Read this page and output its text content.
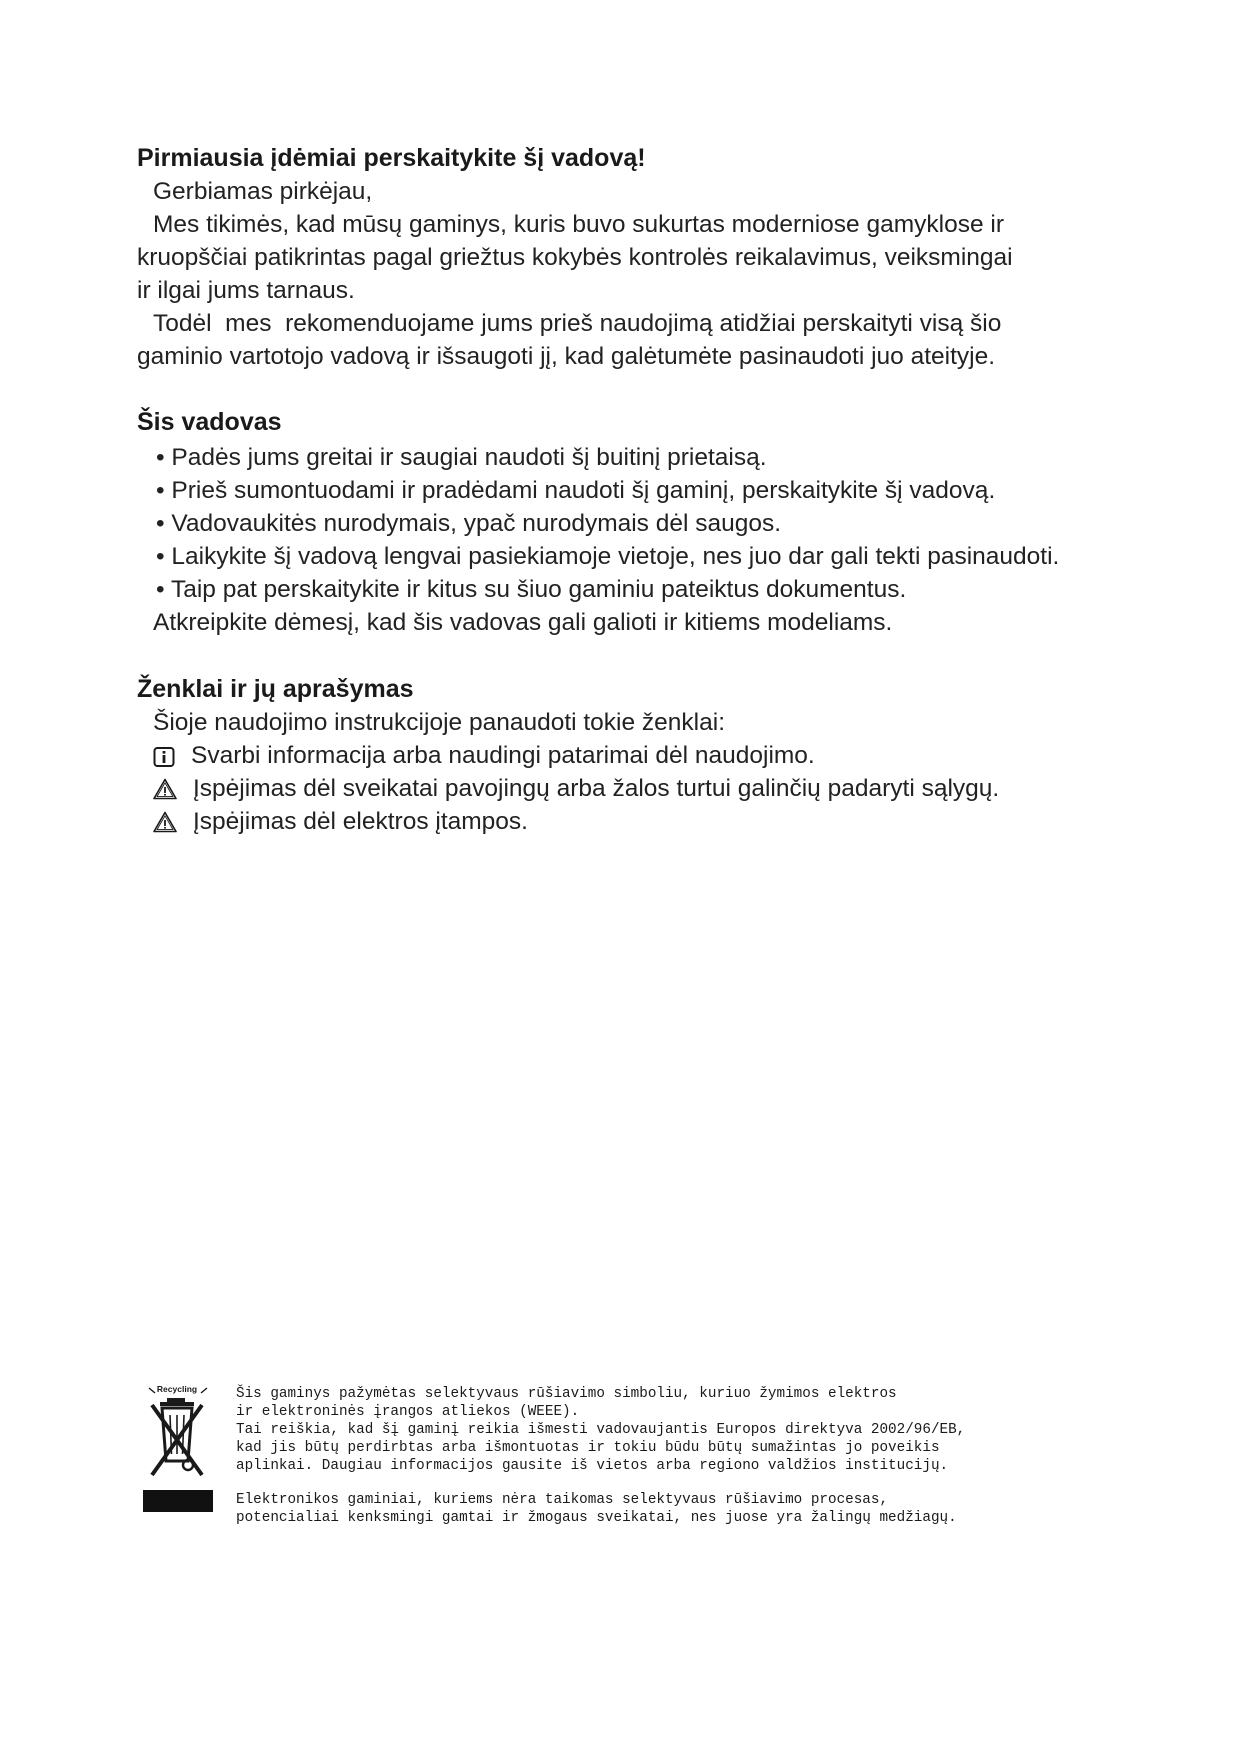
Pirmiausia įdėmiai perskaitykite šį vadovą!
Gerbiamas pirkėjau,
Mes tikimės, kad mūsų gaminys, kuris buvo sukurtas moderniose gamyklose ir
kruopščiai patikrintas pagal griežtus kokybės kontrolės reikalavimus, veiksmingai
ir ilgai jums tarnaus.
Todėl  mes  rekomenduojame jums prieš naudojimą atidžiai perskaityti visą šio
gaminio vartotojo vadovą ir išsaugoti jį, kad galėtumėte pasinaudoti juo ateityje.
Šis vadovas
• Padės jums greitai ir saugiai naudoti šį buitinį prietaisą.
• Prieš sumontuodami ir pradėdami naudoti šį gaminį, perskaitykite šį vadovą.
• Vadovaukitės nurodymais, ypač nurodymais dėl saugos.
• Laikykite šį vadovą lengvai pasiekiamoje vietoje, nes juo dar gali tekti pasinaudoti.
• Taip pat perskaitykite ir kitus su šiuo gaminiu pateiktus dokumentus.
Atkreipkite dėmesį, kad šis vadovas gali galioti ir kitiems modeliams.
Ženklai ir jų aprašymas
Šioje naudojimo instrukcijoje panaudoti tokie ženklai:
Svarbi informacija arba naudingi patarimai dėl naudojimo.
Įspėjimas dėl sveikatai pavojingų arba žalos turtui galinčių padaryti sąlygų.
Įspėjimas dėl elektros įtampos.
Recycling	Šis gaminys pažymėtas selektyvaus rūšiavimo simboliu, kuriuo žymimos elektros
ir elektroninės įrangos atliekos (WEEE).
Tai reiškia, kad šį gaminį reikia išmesti vadovaujantis Europos direktyva 2002/96/EB,
kad jis būtų perdirbtas arba išmontuotas ir tokiu būdu būtų sumažintas jo poveikis
aplinkai. Daugiau informacijos gausite iš vietos arba regiono valdžios institucijų.
Elektronikos gaminiai, kuriems nėra taikomas selektyvaus rūšiavimo procesas,
potencialiai kenksmingi gamtai ir žmogaus sveikatai, nes juose yra žalingų medžiagų.
